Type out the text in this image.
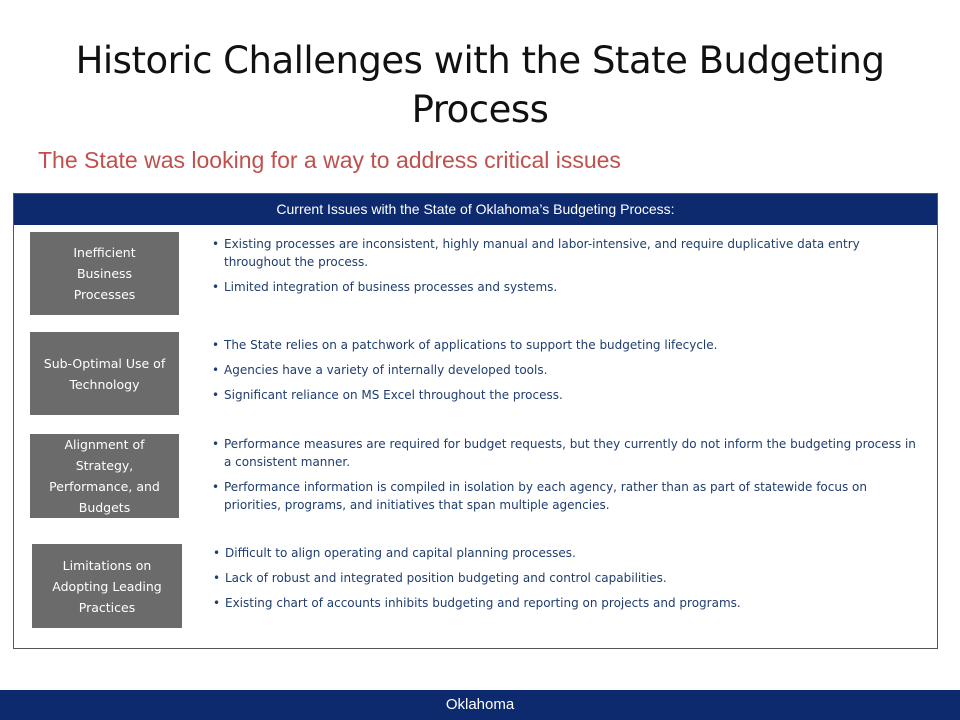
Historic Challenges with the State Budgeting Process
The State was looking for a way to address critical issues
Current Issues with the State of Oklahoma’s Budgeting Process:
Inefficient Business Processes
• Existing processes are inconsistent, highly manual and labor-intensive, and require duplicative data entry throughout the process.
• Limited integration of business processes and systems.
Sub-Optimal Use of Technology
• The State relies on a patchwork of applications to support the budgeting lifecycle.
• Agencies have a variety of internally developed tools.
• Significant reliance on MS Excel throughout the process.
Alignment of Strategy, Performance, and Budgets
• Performance measures are required for budget requests, but they currently do not inform the budgeting process in a consistent manner.
• Performance information is compiled in isolation by each agency, rather than as part of statewide focus on priorities, programs, and initiatives that span multiple agencies.
Limitations on Adopting Leading Practices
• Difficult to align operating and capital planning processes.
• Lack of robust and integrated position budgeting and control capabilities.
• Existing chart of accounts inhibits budgeting and reporting on projects and programs.
Oklahoma
